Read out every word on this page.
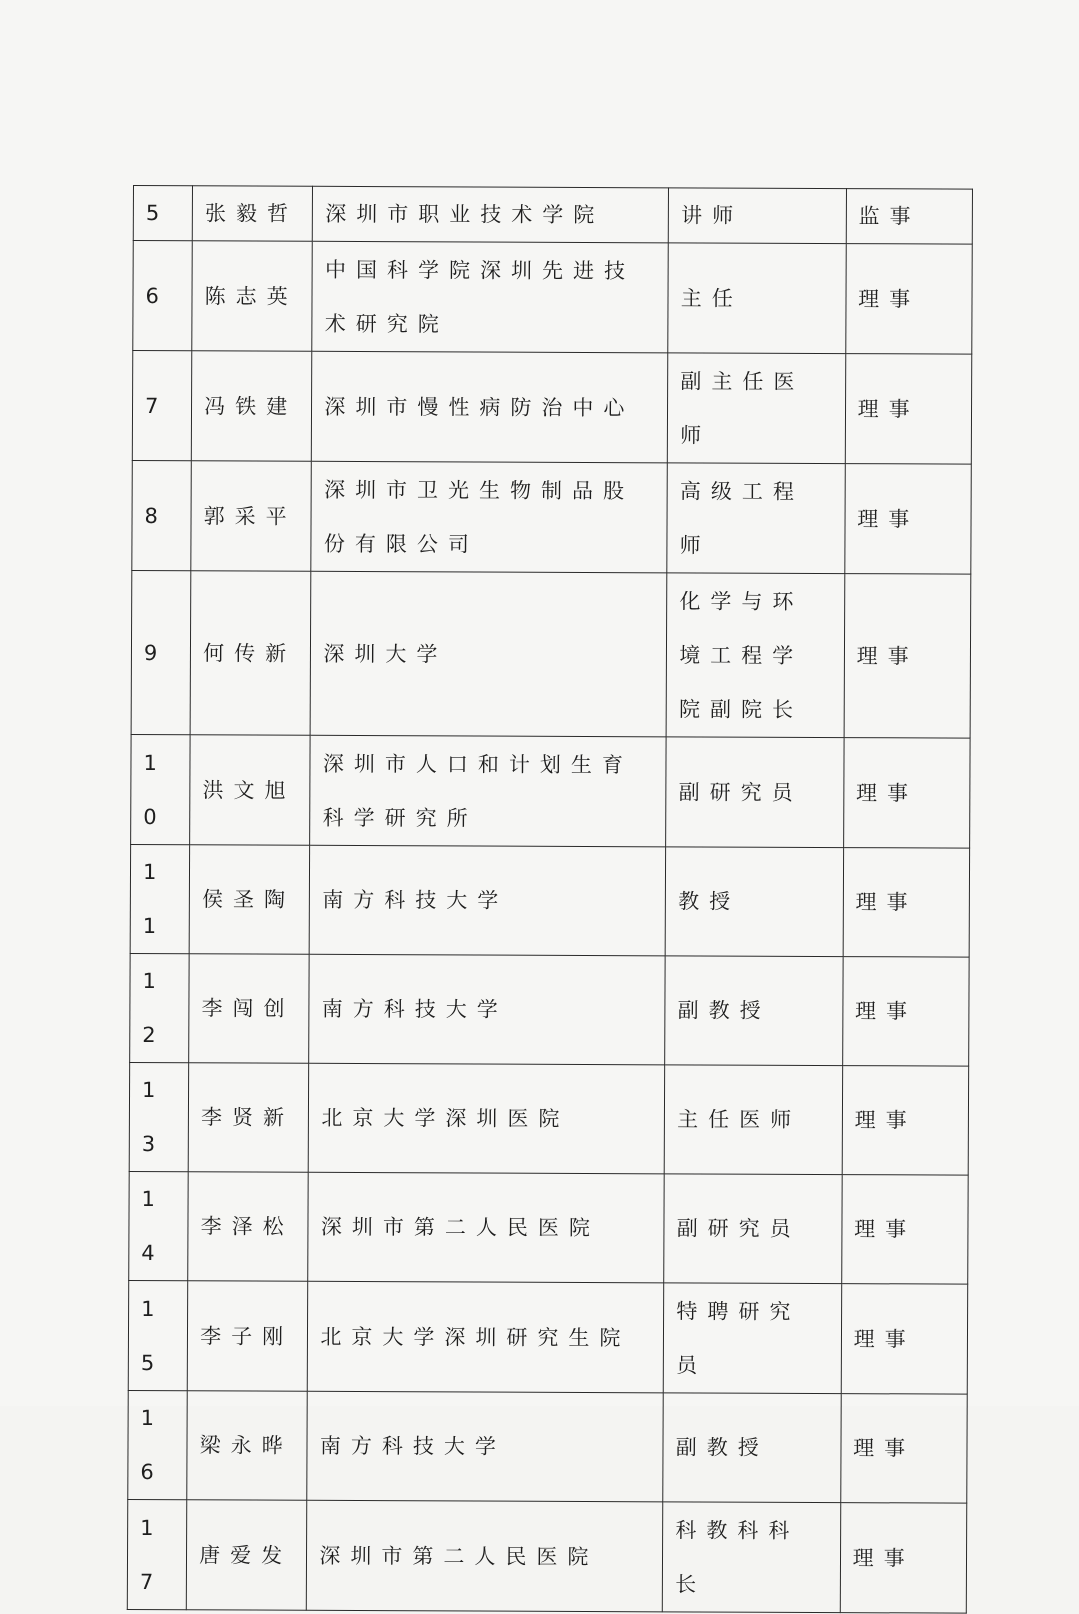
5	张毅哲	深圳市职业技术学院	讲师	监事
6	陈志英	中国科学院深圳先进技术研究院	主任	理事
7	冯铁建	深圳市慢性病防治中心	副主任医师	理事
8	郭采平	深圳市卫光生物制品股份有限公司	高级工程师	理事
9	何传新	深圳大学	化学与环境工程学院副院长	理事
10	洪文旭	深圳市人口和计划生育科学研究所	副研究员	理事
11	侯圣陶	南方科技大学	教授	理事
12	李闯创	南方科技大学	副教授	理事
13	李贤新	北京大学深圳医院	主任医师	理事
14	李泽松	深圳市第二人民医院	副研究员	理事
15	李子刚	北京大学深圳研究生院	特聘研究员	理事
16	梁永晔	南方科技大学	副教授	理事
17	唐爱发	深圳市第二人民医院	科教科科长	理事
